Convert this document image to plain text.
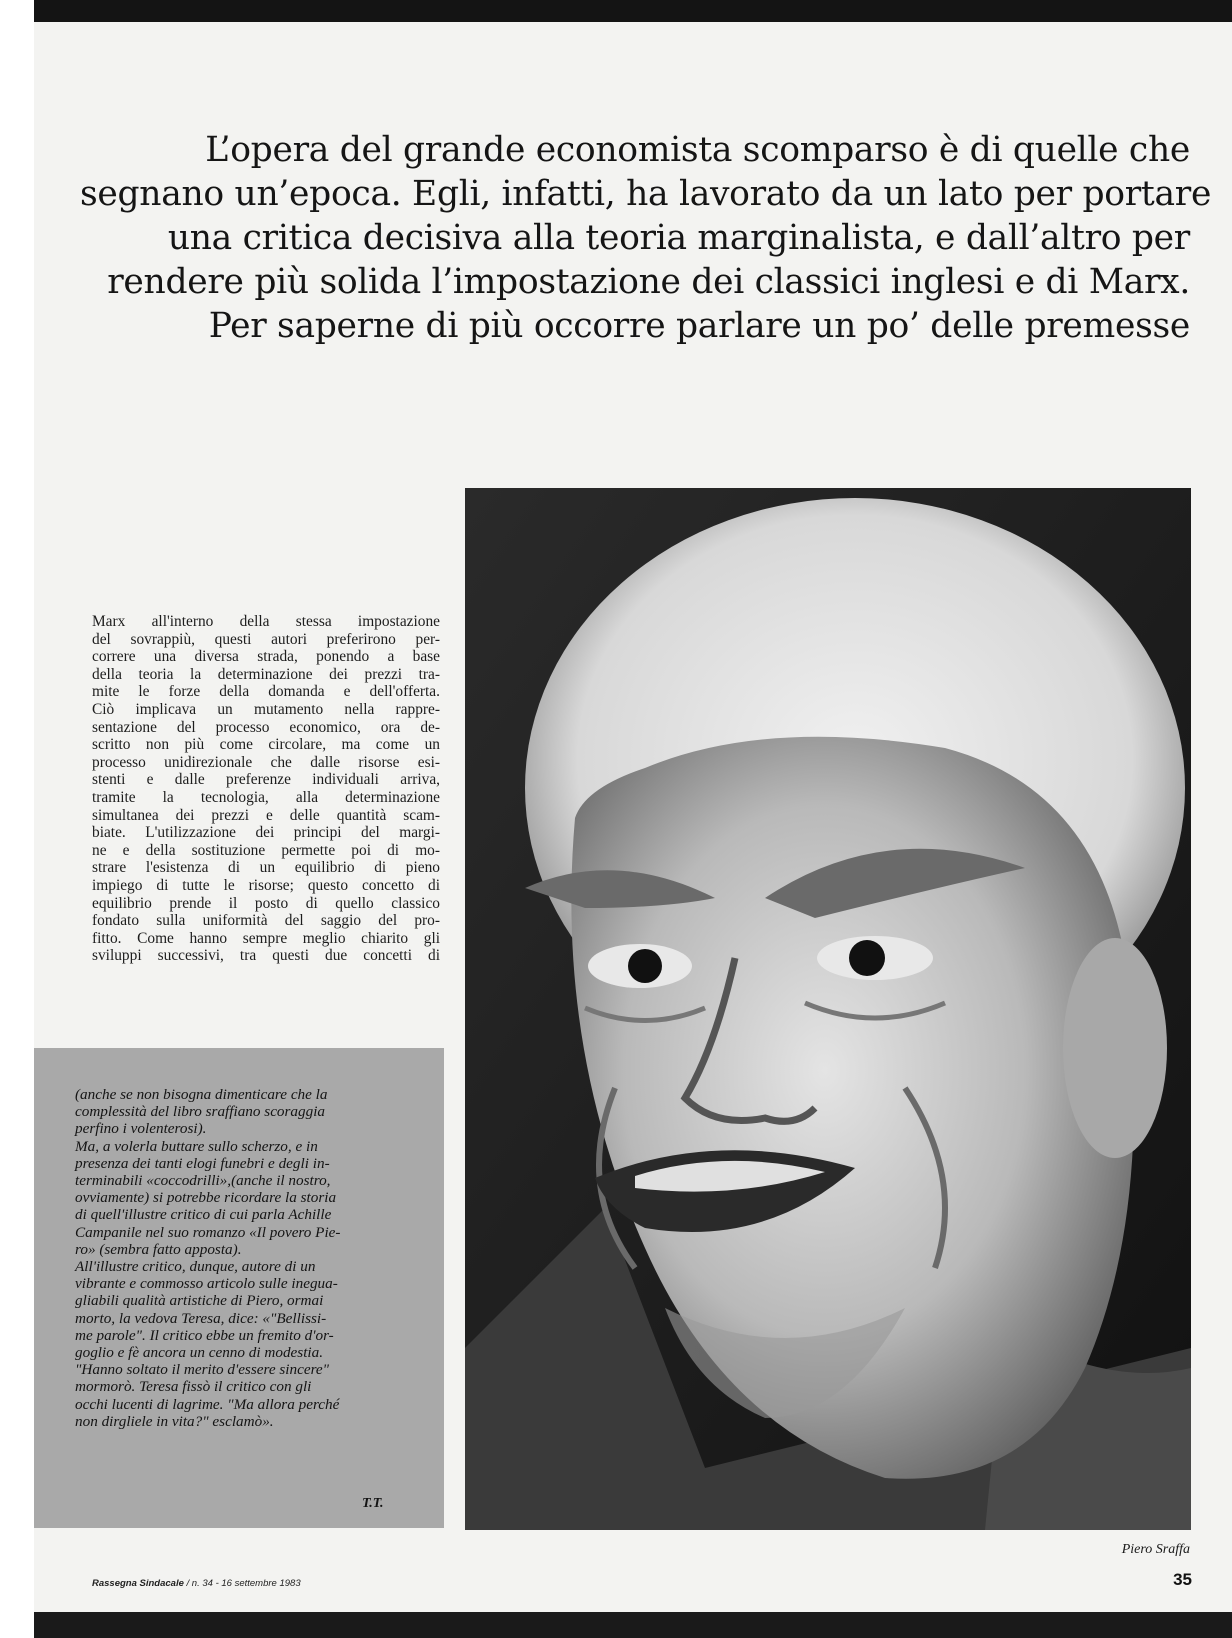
L’opera del grande economista scomparso è di quelle che
segnano un’epoca. Egli, infatti, ha lavorato da un lato per portare
una critica decisiva alla teoria marginalista, e dall’altro per
rendere più solida l’impostazione dei classici inglesi e di Marx.
Per saperne di più occorre parlare un po’ delle premesse

Marx all'interno della stessa impostazione
del sovrappiù, questi autori preferirono per-
correre una diversa strada, ponendo a base
della teoria la determinazione dei prezzi tra-
mite le forze della domanda e dell'offerta.
Ciò implicava un mutamento nella rappre-
sentazione del processo economico, ora de-
scritto non più come circolare, ma come un
processo unidirezionale che dalle risorse esi-
stenti e dalle preferenze individuali arriva,
tramite la tecnologia, alla determinazione
simultanea dei prezzi e delle quantità scam-
biate. L'utilizzazione dei principi del margi-
ne e della sostituzione permette poi di mo-
strare l'esistenza di un equilibrio di pieno
impiego di tutte le risorse; questo concetto di
equilibrio prende il posto di quello classico
fondato sulla uniformità del saggio del pro-
fitto. Come hanno sempre meglio chiarito gli
sviluppi successivi, tra questi due concetti di

(anche se non bisogna dimenticare che la
complessità del libro sraffiano scoraggia
perfino i volenterosi).
Ma, a volerla buttare sullo scherzo, e in
presenza dei tanti elogi funebri e degli in-
terminabili «coccodrilli»,(anche il nostro,
ovviamente) si potrebbe ricordare la storia
di quell'illustre critico di cui parla Achille
Campanile nel suo romanzo «Il povero Pie-
ro» (sembra fatto apposta).
All'illustre critico, dunque, autore di un
vibrante e commosso articolo sulle inegua-
gliabili qualità artistiche di Piero, ormai
morto, la vedova Teresa, dice: «"Bellissi-
me parole". Il critico ebbe un fremito d'or-
goglio e fè ancora un cenno di modestia.
"Hanno soltato il merito d'essere sincere"
mormorò. Teresa fissò il critico con gli
occhi lucenti di lagrime. "Ma allora perché
non dirgliele in vita?" esclamò».

T.T.

Piero Sraffa

Rassegna Sindacale / n. 34 - 16 settembre 1983	35
